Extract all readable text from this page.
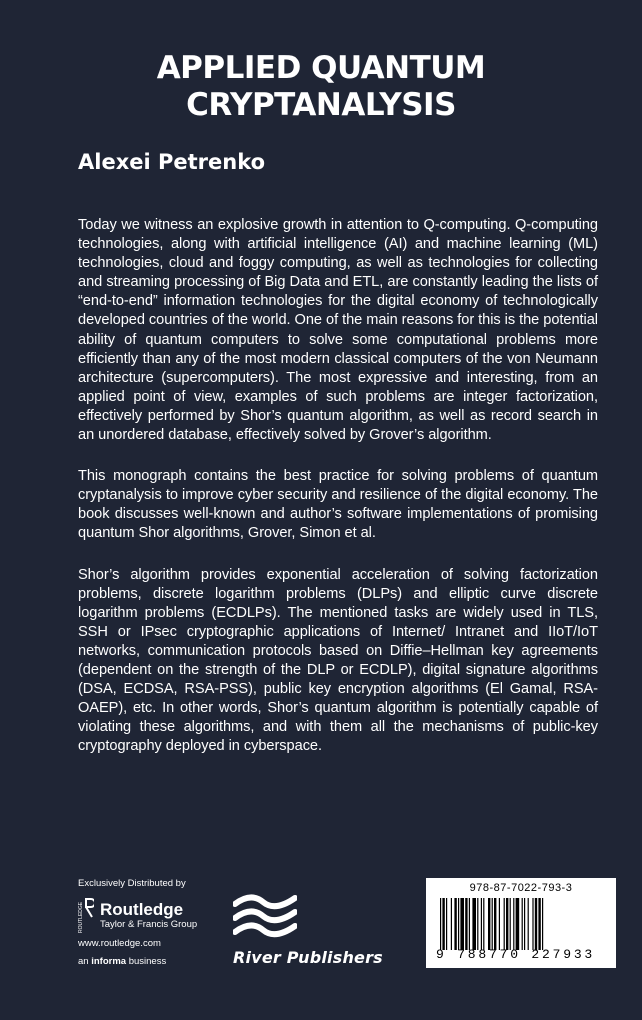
APPLIED QUANTUM
CRYPTANALYSIS
Alexei Petrenko

Today we witness an explosive growth in attention to Q-computing. Q-computing technologies, along with artificial intelligence (AI) and machine learning (ML) technologies, cloud and foggy computing, as well as technologies for collecting and streaming processing of Big Data and ETL, are constantly leading the lists of “end-to-end” information technologies for the digital economy of technologically developed countries of the world. One of the main reasons for this is the potential ability of quantum computers to solve some computational problems more efficiently than any of the most modern classical computers of the von Neumann architecture (supercomputers). The most expressive and interesting, from an applied point of view, examples of such problems are integer factorization, effectively performed by Shor’s quantum algorithm, as well as record search in an unordered database, effectively solved by Grover’s algorithm.

This monograph contains the best practice for solving problems of quantum cryptanalysis to improve cyber security and resilience of the digital economy. The book discusses well-known and author’s software implementations of promising quantum Shor algorithms, Grover, Simon et al.

Shor’s algorithm provides exponential acceleration of solving factorization problems, discrete logarithm problems (DLPs) and elliptic curve discrete logarithm problems (ECDLPs). The mentioned tasks are widely used in TLS, SSH or IPsec cryptographic applications of Internet/ Intranet and IIoT/IoT networks, communication protocols based on Diffie–Hellman key agreements (dependent on the strength of the DLP or ECDLP), digital signature algorithms (DSA, ECDSA, RSA-PSS), public key encryption algorithms (El Gamal, RSA-OAEP), etc. In other words, Shor’s quantum algorithm is potentially capable of violating these algorithms, and with them all the mechanisms of public-key cryptography deployed in cyberspace.

Exclusively Distributed by
ROUTLEDGE Routledge
Taylor & Francis Group
www.routledge.com
an informa business	River Publishers
978-87-7022-793-3
9 788770 227933
